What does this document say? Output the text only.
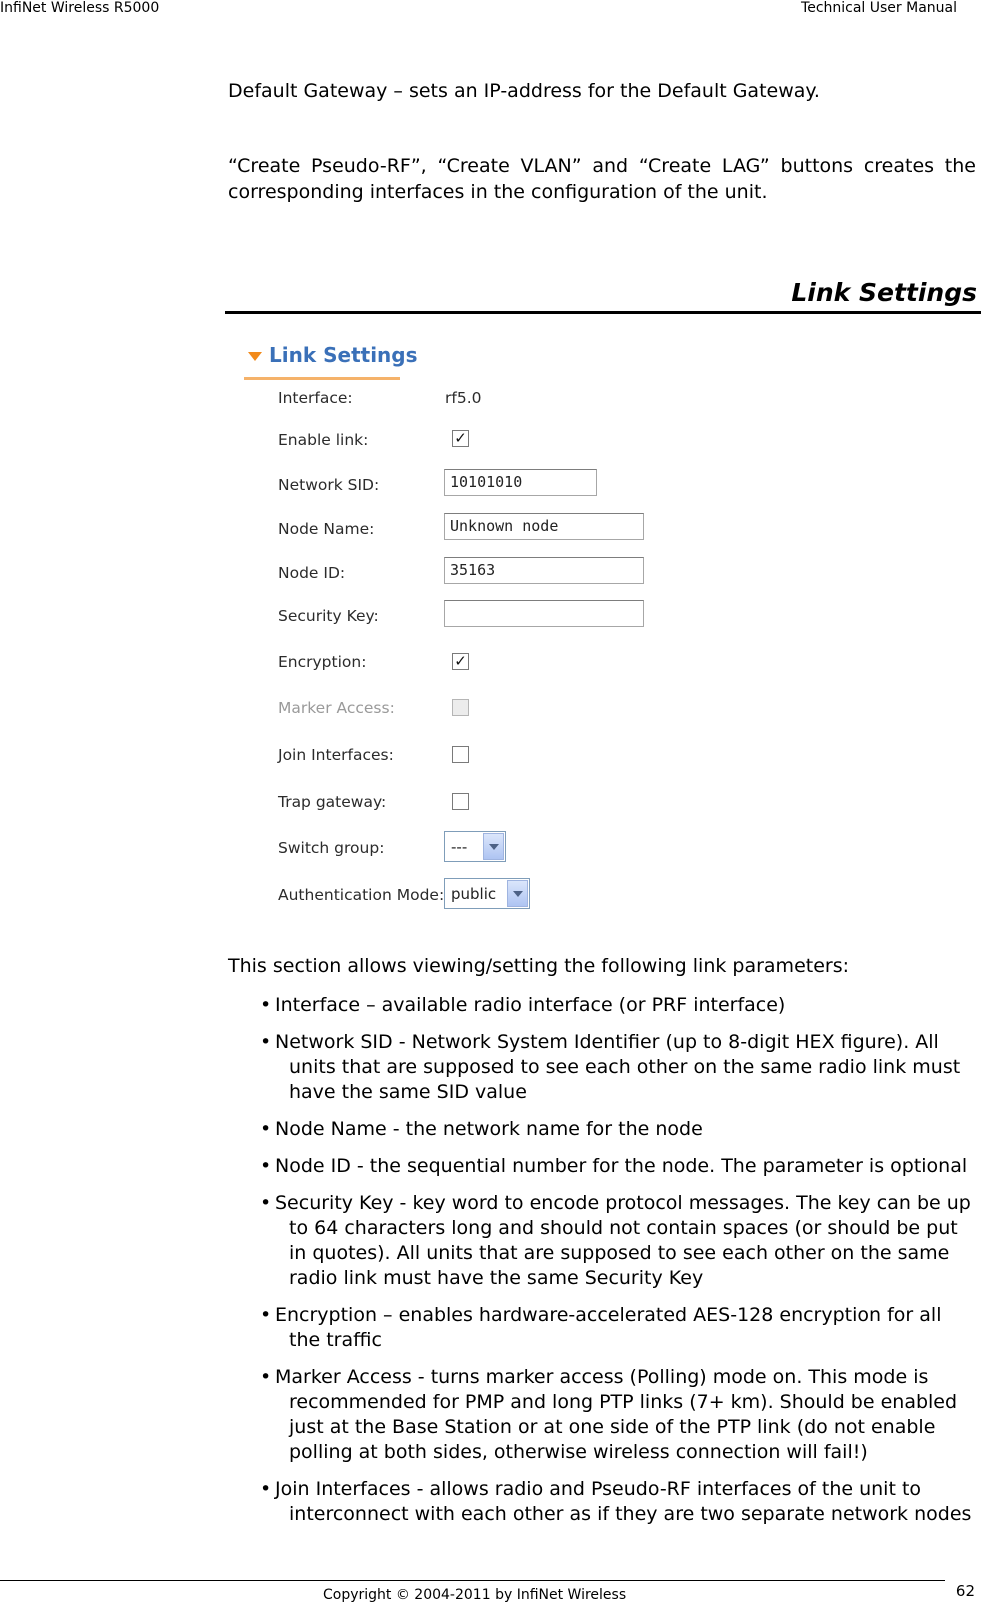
InfiNet Wireless R5000	Technical User Manual

Default Gateway – sets an IP-address for the Default Gateway.

“Create Pseudo-RF”, “Create VLAN” and “Create LAG” buttons creates the corresponding interfaces in the configuration of the unit.

Link Settings
Link Settings
Interface:	rf5.0
Enable link:	✓
Network SID:	10101010
Node Name:	Unknown node
Node ID:	35163
Security Key:
Encryption:	✓
Marker Access:
Join Interfaces:
Trap gateway:
Switch group:	---
Authentication Mode: public

This section allows viewing/setting the following link parameters:

• Interface – available radio interface (or PRF interface)
• Network SID - Network System Identifier (up to 8-digit HEX figure). All units that are supposed to see each other on the same radio link must have the same SID value
• Node Name - the network name for the node
• Node ID - the sequential number for the node. The parameter is optional
• Security Key - key word to encode protocol messages. The key can be up to 64 characters long and should not contain spaces (or should be put in quotes). All units that are supposed to see each other on the same radio link must have the same Security Key
• Encryption – enables hardware-accelerated AES-128 encryption for all the traffic
• Marker Access - turns marker access (Polling) mode on. This mode is recommended for PMP and long PTP links (7+ km). Should be enabled just at the Base Station or at one side of the PTP link (do not enable polling at both sides, otherwise wireless connection will fail!)
• Join Interfaces - allows radio and Pseudo-RF interfaces of the unit to interconnect with each other as if they are two separate network nodes
Copyright © 2004-2011 by InfiNet Wireless	62
